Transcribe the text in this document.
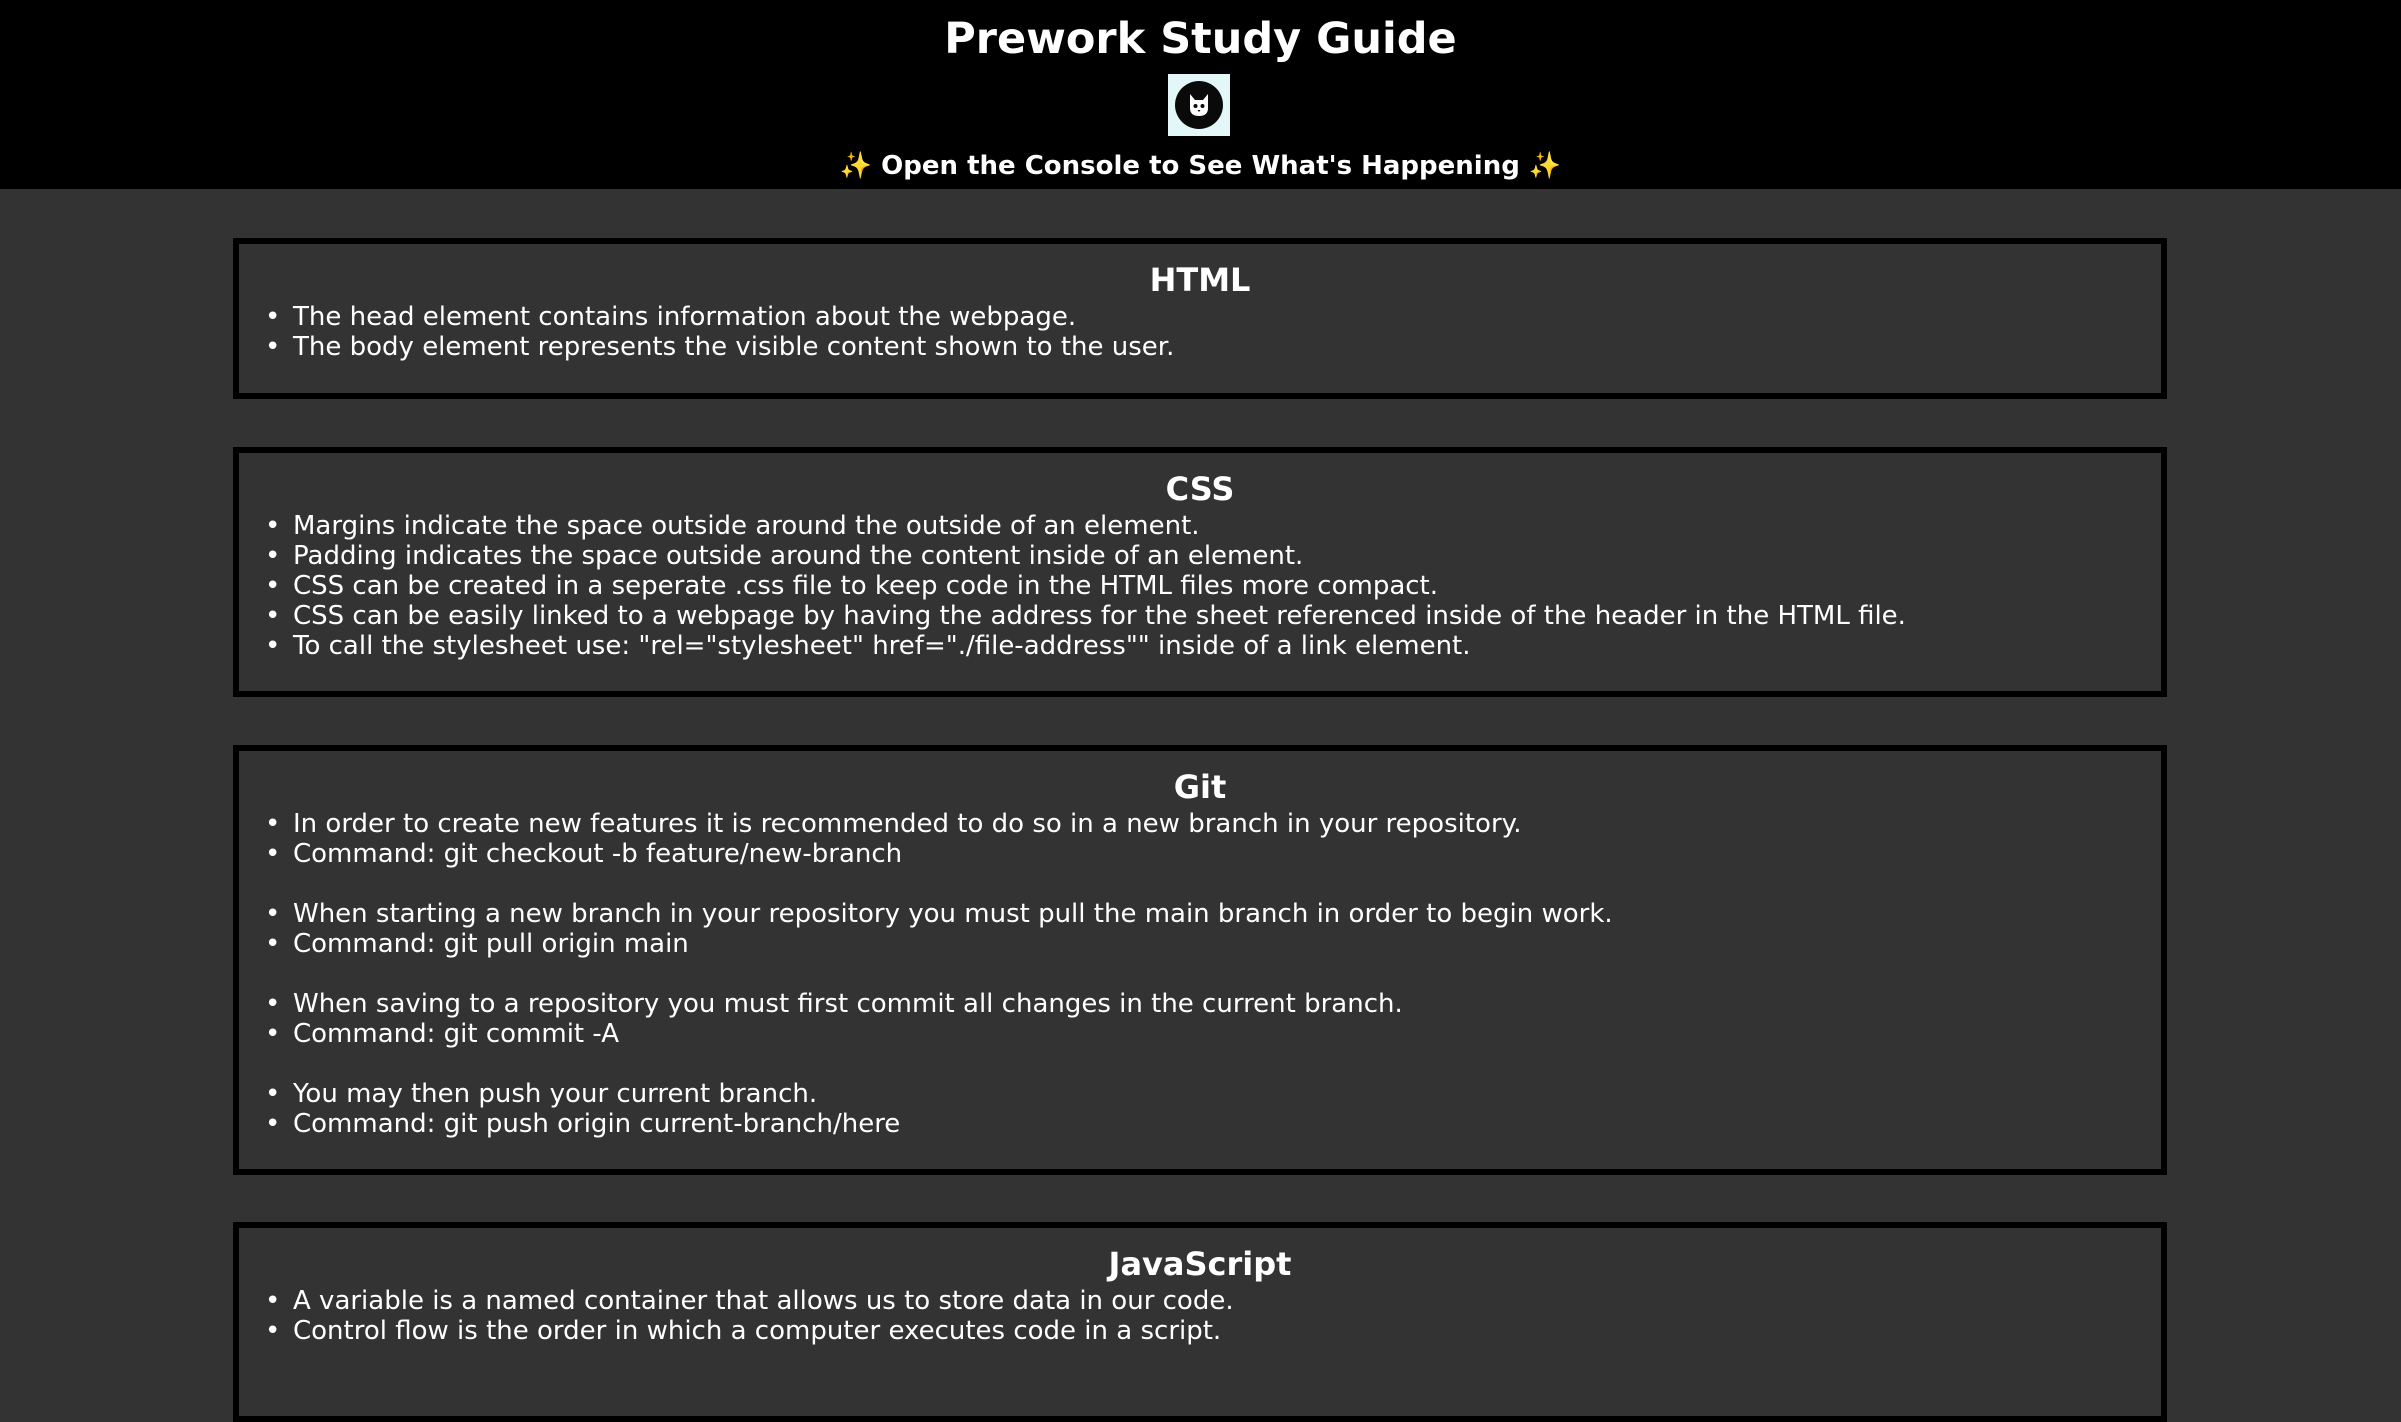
Prework Study Guide
✨ Open the Console to See What's Happening ✨
HTML
• The head element contains information about the webpage.
• The body element represents the visible content shown to the user.
CSS
• Margins indicate the space outside around the outside of an element.
• Padding indicates the space outside around the content inside of an element.
• CSS can be created in a seperate .css file to keep code in the HTML files more compact.
• CSS can be easily linked to a webpage by having the address for the sheet referenced inside of the header in the HTML file.
• To call the stylesheet use: "rel="stylesheet" href="./file-address"" inside of a link element.
Git
• In order to create new features it is recommended to do so in a new branch in your repository.
• Command: git checkout -b feature/new-branch
• When starting a new branch in your repository you must pull the main branch in order to begin work.
• Command: git pull origin main
• When saving to a repository you must first commit all changes in the current branch.
• Command: git commit -A
• You may then push your current branch.
• Command: git push origin current-branch/here
JavaScript
• A variable is a named container that allows us to store data in our code.
• Control flow is the order in which a computer executes code in a script.
